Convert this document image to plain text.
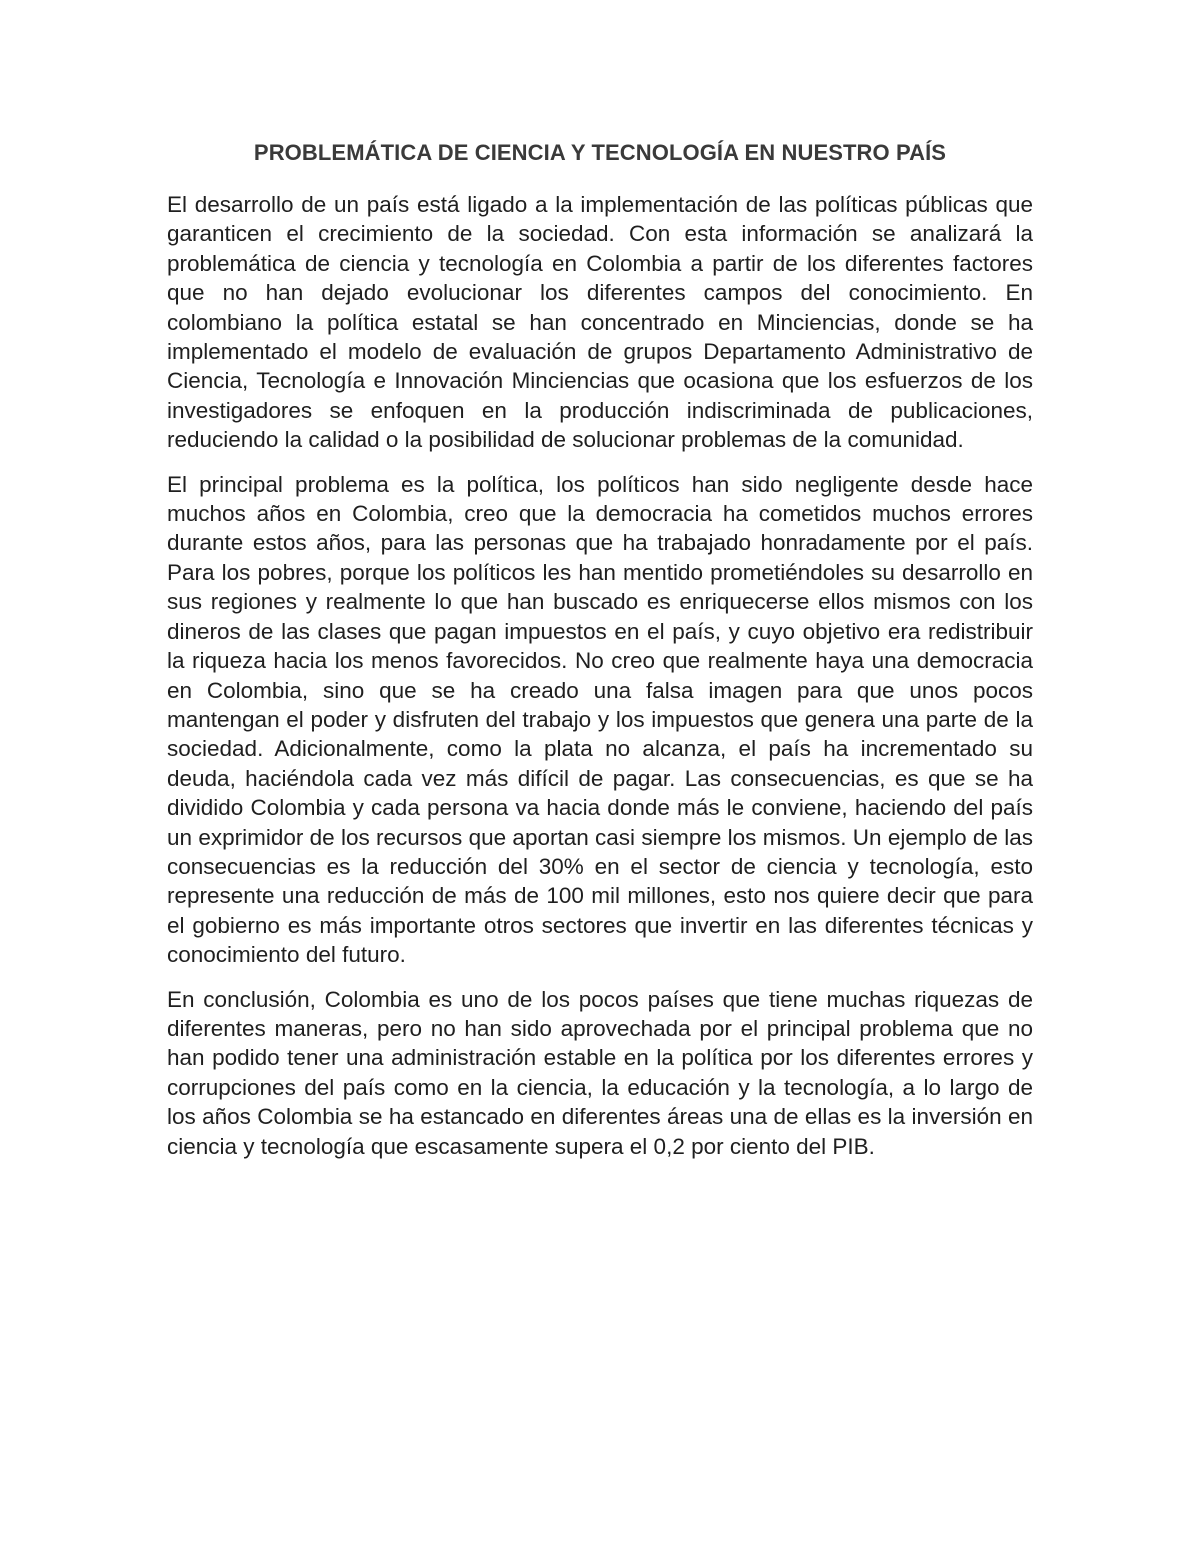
PROBLEMÁTICA DE CIENCIA Y TECNOLOGÍA EN NUESTRO PAÍS

El desarrollo de un país está ligado a la implementación de las políticas públicas que garanticen el crecimiento de la sociedad. Con esta información se analizará la problemática de ciencia y tecnología en Colombia a partir de los diferentes factores que no han dejado evolucionar los diferentes campos del conocimiento. En colombiano la política estatal se han concentrado en Minciencias, donde se ha implementado el modelo de evaluación de grupos Departamento Administrativo de Ciencia, Tecnología e Innovación Minciencias que ocasiona que los esfuerzos de los investigadores se enfoquen en la producción indiscriminada de publicaciones, reduciendo la calidad o la posibilidad de solucionar problemas de la comunidad.

El principal problema es la política, los políticos han sido negligente desde hace muchos años en Colombia, creo que la democracia ha cometidos muchos errores durante estos años, para las personas que ha trabajado honradamente por el país. Para los pobres, porque los políticos les han mentido prometiéndoles su desarrollo en sus regiones y realmente lo que han buscado es enriquecerse ellos mismos con los dineros de las clases que pagan impuestos en el país, y cuyo objetivo era redistribuir la riqueza hacia los menos favorecidos. No creo que realmente haya una democracia en Colombia, sino que se ha creado una falsa imagen para que unos pocos mantengan el poder y disfruten del trabajo y los impuestos que genera una parte de la sociedad. Adicionalmente, como la plata no alcanza, el país ha incrementado su deuda, haciéndola cada vez más difícil de pagar. Las consecuencias, es que se ha dividido Colombia y cada persona va hacia donde más le conviene, haciendo del país un exprimidor de los recursos que aportan casi siempre los mismos. Un ejemplo de las consecuencias es la reducción del 30% en el sector de ciencia y tecnología, esto represente una reducción de más de 100 mil millones, esto nos quiere decir que para el gobierno es más importante otros sectores que invertir en las diferentes técnicas y conocimiento del futuro.

En conclusión, Colombia es uno de los pocos países que tiene muchas riquezas de diferentes maneras, pero no han sido aprovechada por el principal problema que no han podido tener una administración estable en la política por los diferentes errores y corrupciones del país como en la ciencia, la educación y la tecnología, a lo largo de los años Colombia se ha estancado en diferentes áreas una de ellas es la inversión en ciencia y tecnología que escasamente supera el 0,2 por ciento del PIB.
